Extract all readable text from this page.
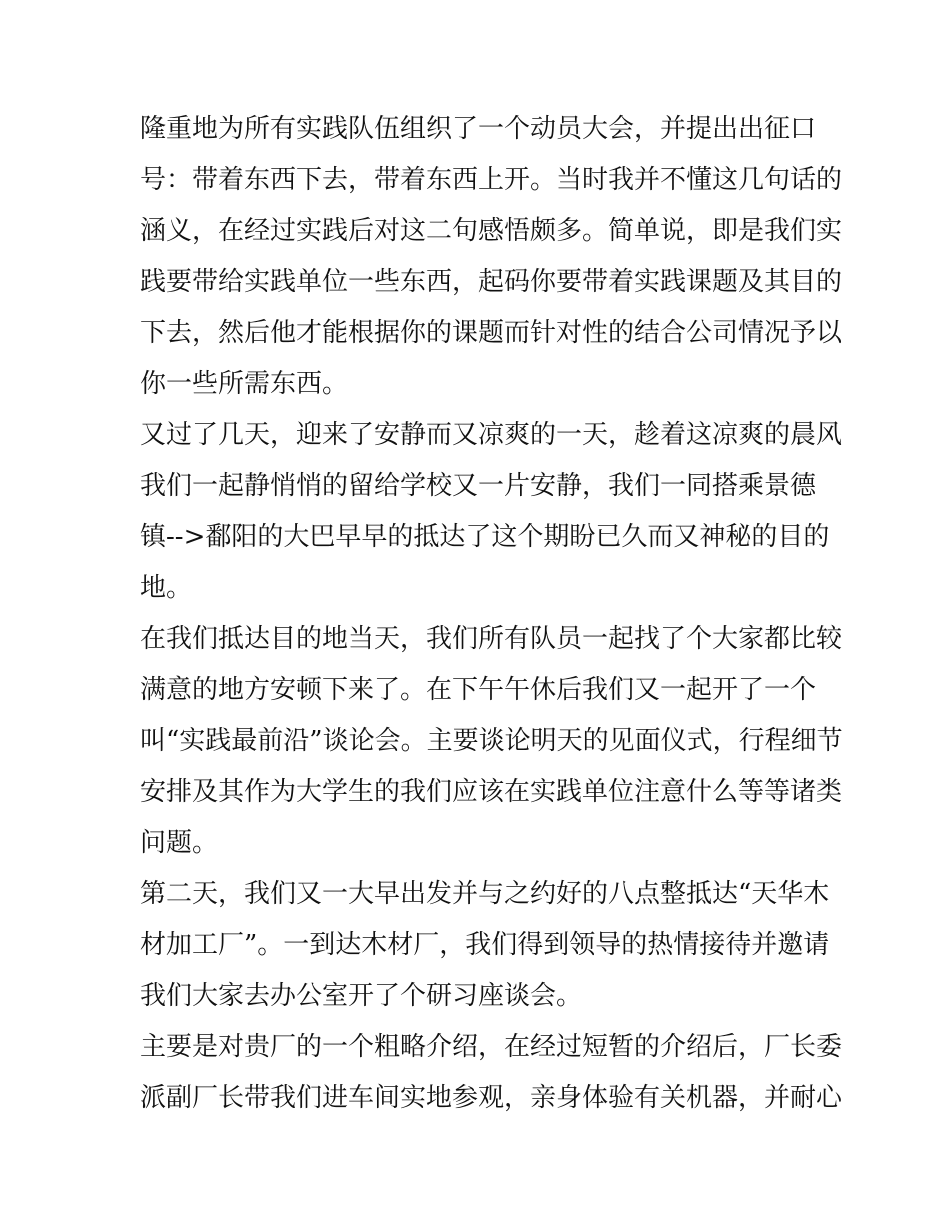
隆重地为所有实践队伍组织了一个动员大会，并提出出征口
号：带着东西下去，带着东西上开。当时我并不懂这几句话的
涵义，在经过实践后对这二句感悟颇多。简单说，即是我们实
践要带给实践单位一些东西，起码你要带着实践课题及其目的
下去，然后他才能根据你的课题而针对性的结合公司情况予以
你一些所需东西。
又过了几天，迎来了安静而又凉爽的一天，趁着这凉爽的晨风
我们一起静悄悄的留给学校又一片安静，我们一同搭乘景德
镇-->鄱阳的大巴早早的抵达了这个期盼已久而又神秘的目的
地。
在我们抵达目的地当天，我们所有队员一起找了个大家都比较
满意的地方安顿下来了。在下午午休后我们又一起开了一个
叫“实践最前沿”谈论会。主要谈论明天的见面仪式，行程细节
安排及其作为大学生的我们应该在实践单位注意什么等等诸类
问题。
第二天，我们又一大早出发并与之约好的八点整抵达“天华木
材加工厂”。一到达木材厂，我们得到领导的热情接待并邀请
我们大家去办公室开了个研习座谈会。
主要是对贵厂的一个粗略介绍，在经过短暂的介绍后，厂长委
派副厂长带我们进车间实地参观，亲身体验有关机器，并耐心
